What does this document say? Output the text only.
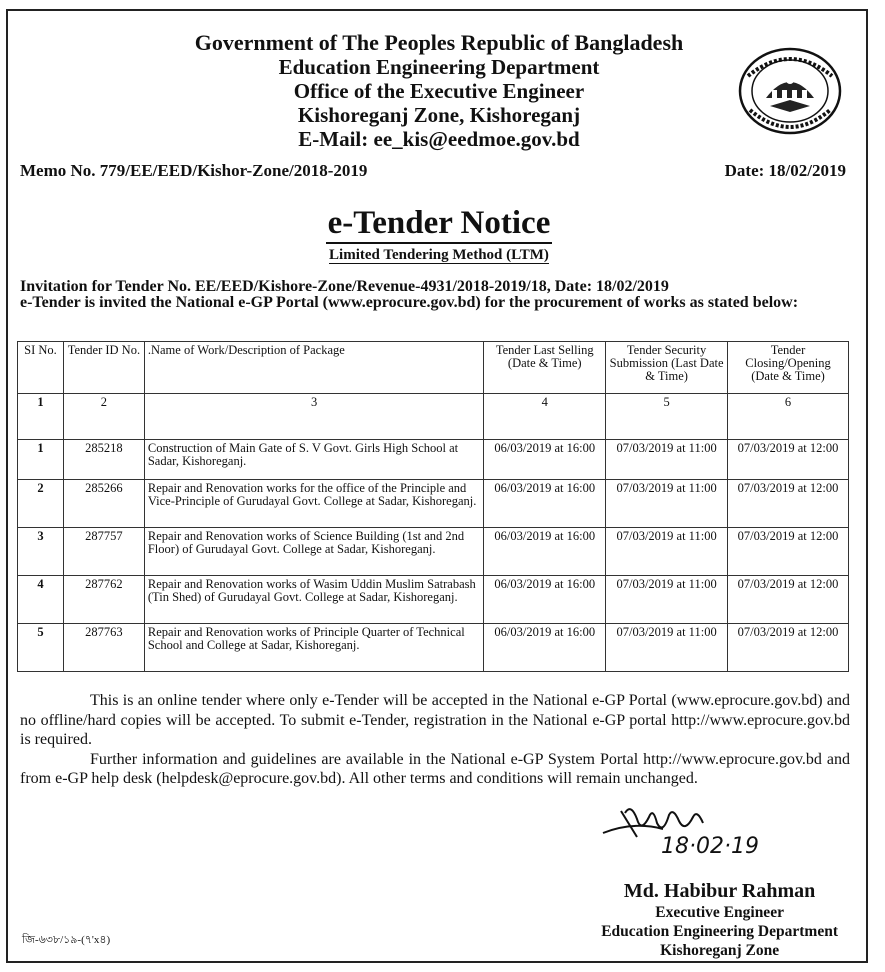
Government of The Peoples Republic of Bangladesh
Education Engineering Department
Office of the Executive Engineer
Kishoreganj Zone, Kishoreganj
E-Mail: ee_kis@eedmoe.gov.bd
Memo No. 779/EE/EED/Kishor-Zone/2018-2019	Date: 18/02/2019
e-Tender Notice
Limited Tendering Method (LTM)
Invitation for Tender No. EE/EED/Kishore-Zone/Revenue-4931/2018-2019/18, Date: 18/02/2019
e-Tender is invited the National e-GP Portal (www.eprocure.gov.bd) for the procurement of works as stated below:
SI No.	Tender ID No.	.Name of Work/Description of Package	Tender Last Selling (Date & Time)	Tender Security Submission (Last Date & Time)	Tender Closing/Opening (Date & Time)
1	2	3	4	5	6
1	285218	Construction of Main Gate of S. V Govt. Girls High School at Sadar, Kishoreganj.	06/03/2019 at 16:00	07/03/2019 at 11:00	07/03/2019 at 12:00
2	285266	Repair and Renovation works for the office of the Principle and Vice-Principle of Gurudayal Govt. College at Sadar, Kishoreganj.	06/03/2019 at 16:00	07/03/2019 at 11:00	07/03/2019 at 12:00
3	287757	Repair and Renovation works of Science Building (1st and 2nd Floor) of Gurudayal Govt. College at Sadar, Kishoreganj.	06/03/2019 at 16:00	07/03/2019 at 11:00	07/03/2019 at 12:00
4	287762	Repair and Renovation works of Wasim Uddin Muslim Satrabash (Tin Shed) of Gurudayal Govt. College at Sadar, Kishoreganj.	06/03/2019 at 16:00	07/03/2019 at 11:00	07/03/2019 at 12:00
5	287763	Repair and Renovation works of Principle Quarter of Technical School and College at Sadar, Kishoreganj.	06/03/2019 at 16:00	07/03/2019 at 11:00	07/03/2019 at 12:00

This is an online tender where only e-Tender will be accepted in the National e-GP Portal (www.eprocure.gov.bd) and no offline/hard copies will be accepted. To submit e-Tender, registration in the National e-GP portal http://www.eprocure.gov.bd is required.

Further information and guidelines are available in the National e-GP System Portal http://www.eprocure.gov.bd and from e-GP help desk (helpdesk@eprocure.gov.bd). All other terms and conditions will remain unchanged.

18·02·19
Md. Habibur Rahman
Executive Engineer
Education Engineering Department
Kishoreganj Zone
জি-৬৩৮/১৯-(৭'x৪)
